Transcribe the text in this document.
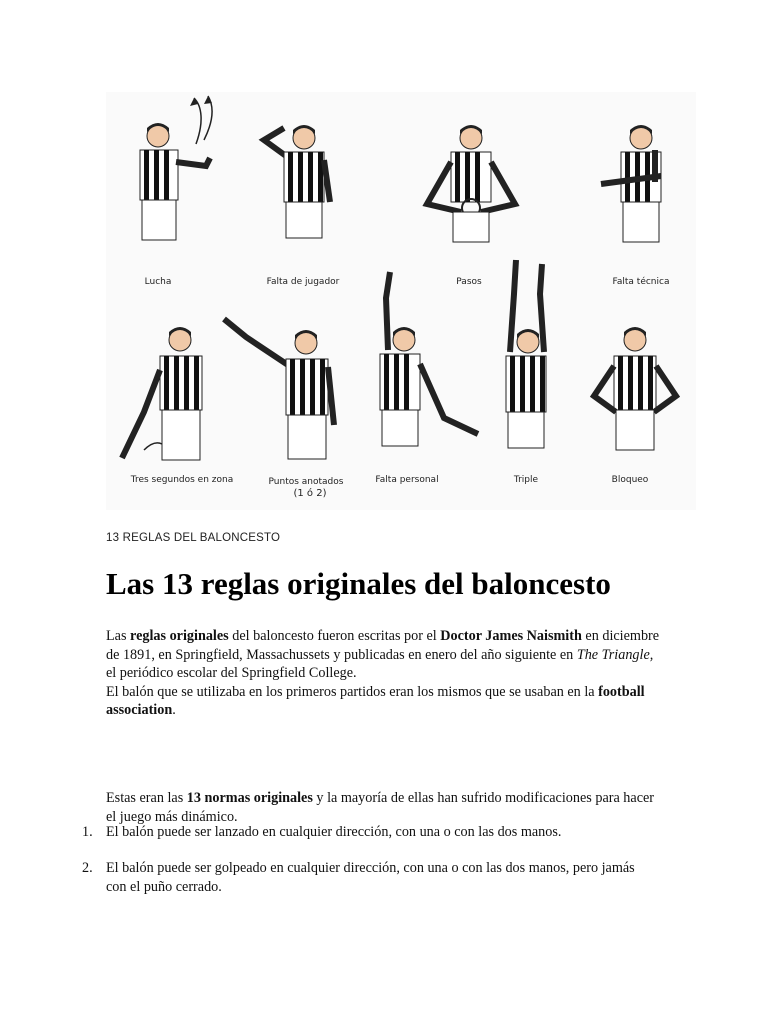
Lucha	Falta de jugador	Pasos	Falta técnica
Tres segundos en zona	Puntos anotados
(1 ó 2)
Falta personal	Triple	Bloqueo
13 REGLAS DEL BALONCESTO
Las 13 reglas originales del baloncesto
Las reglas originales del baloncesto fueron escritas por el Doctor James Naismith en diciembre de 1891, en Springfield, Massachussets y publicadas en enero del año siguiente en The Triangle, el periódico escolar del Springfield College.
El balón que se utilizaba en los primeros partidos eran los mismos que se usaban en la football association.
Estas eran las 13 normas originales y la mayoría de ellas han sufrido modificaciones para hacer el juego más dinámico.
1. El balón puede ser lanzado en cualquier dirección, con una o con las dos manos.
2. El balón puede ser golpeado en cualquier dirección, con una o con las dos manos, pero jamás con el puño cerrado.
